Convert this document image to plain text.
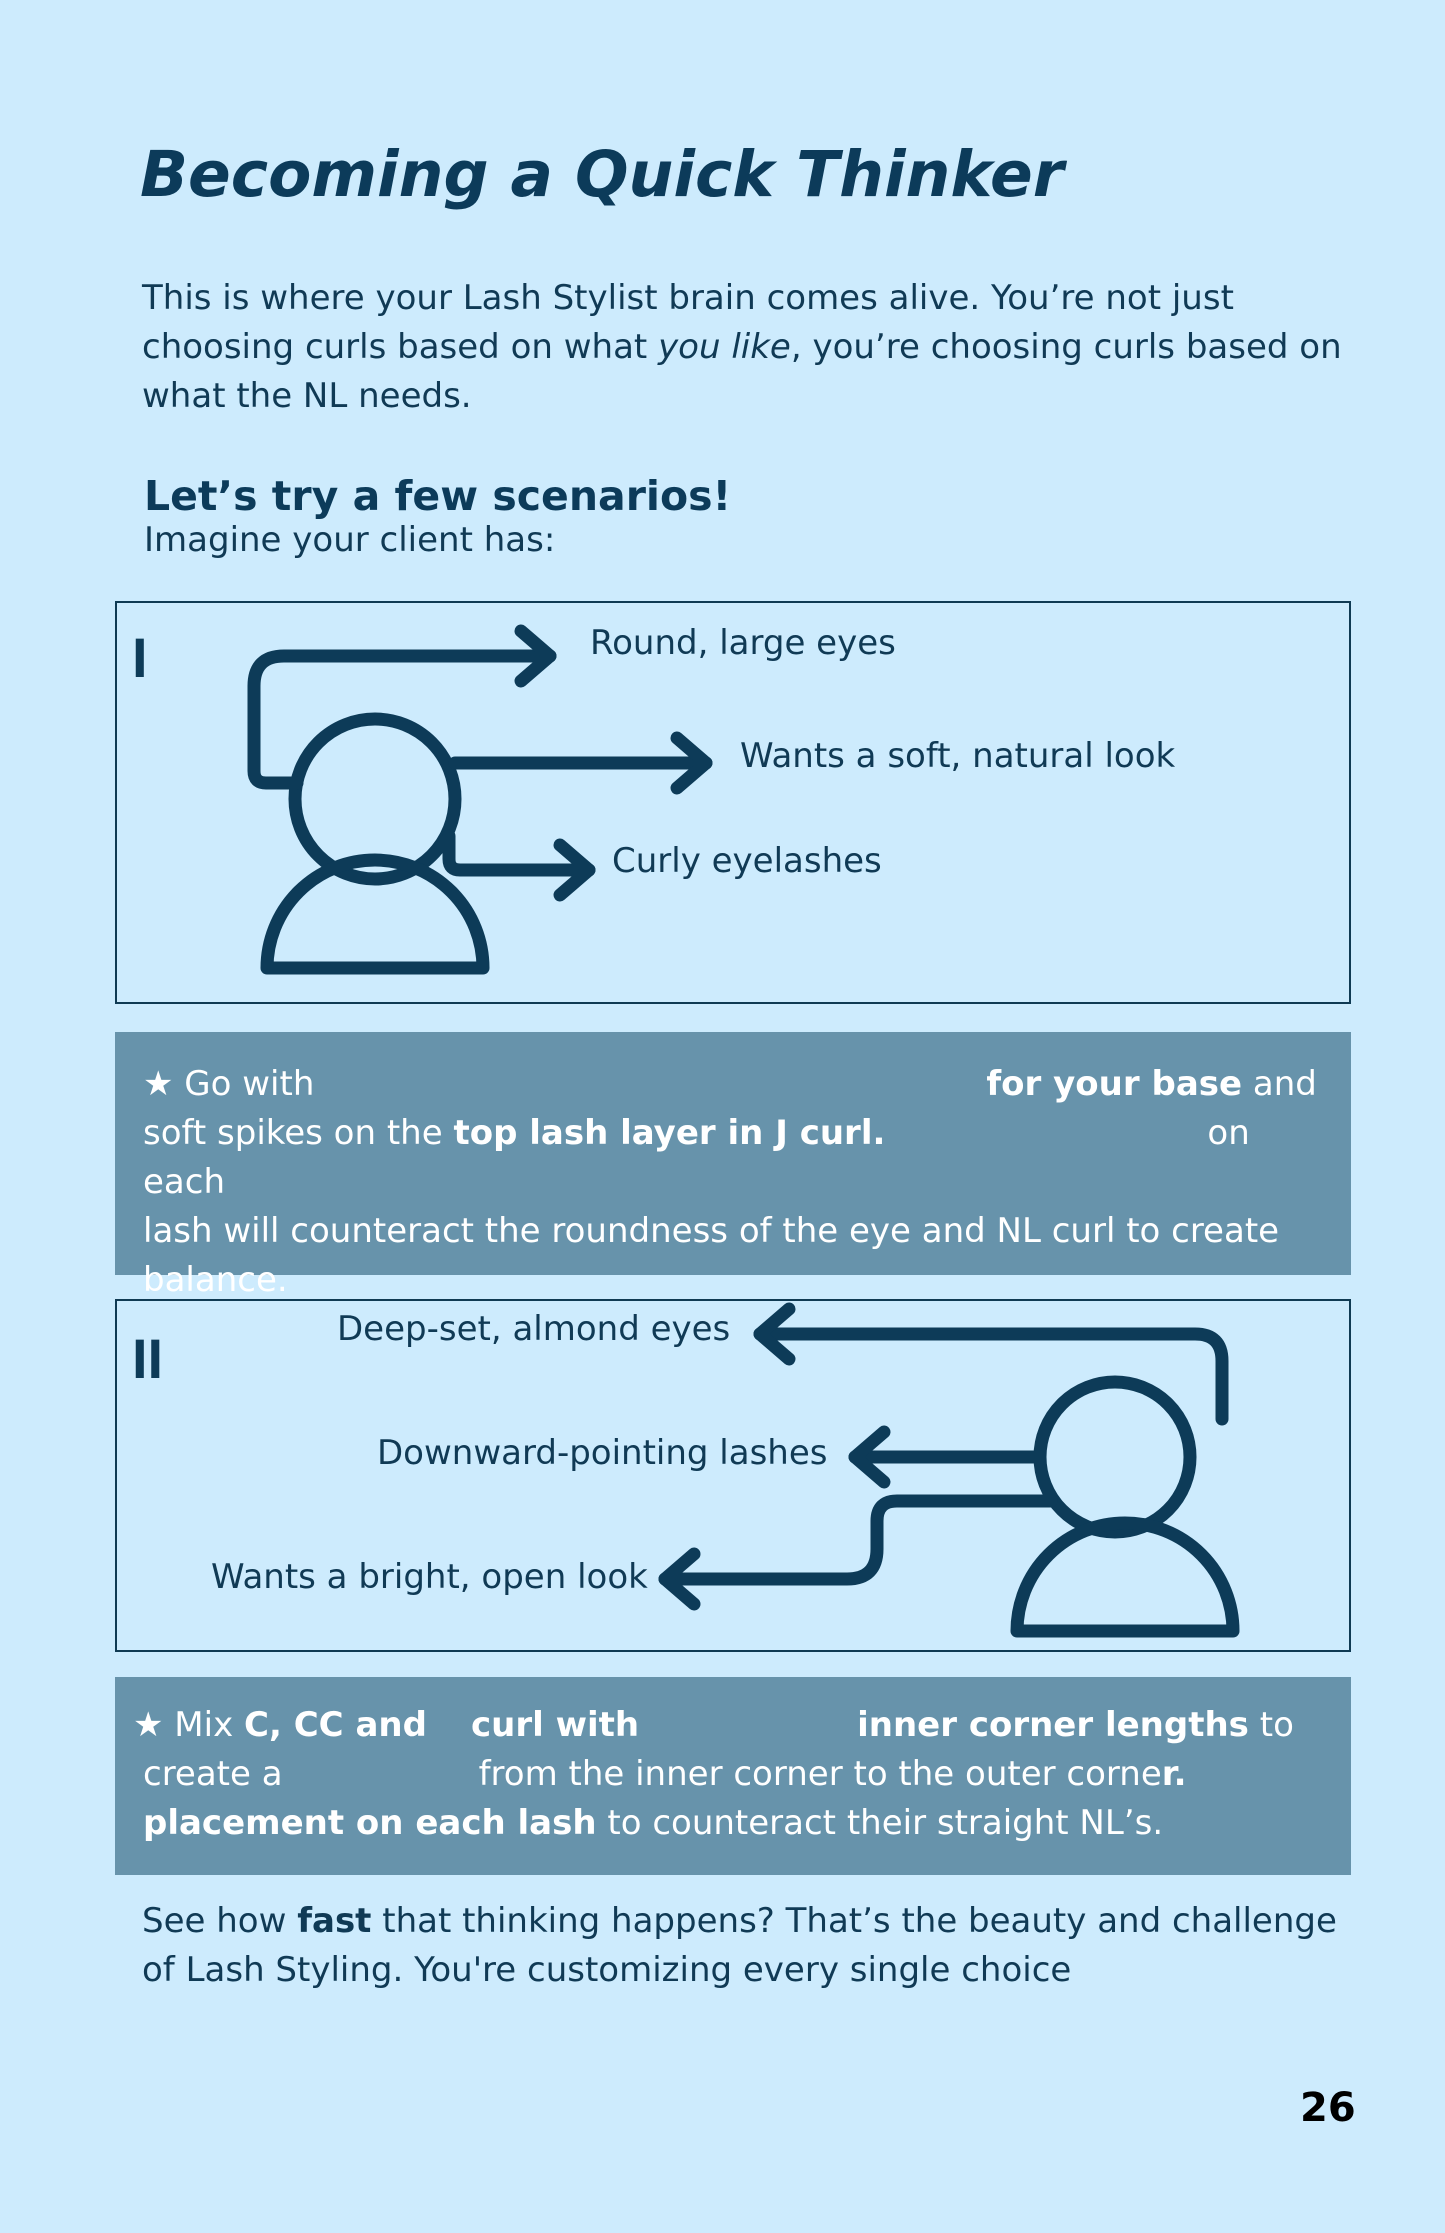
Becoming a Quick Thinker
This is where your Lash Stylist brain comes alive. You’re not just
choosing curls based on what you like, you’re choosing curls based on
what the NL needs.
Let’s try a few scenarios!
Imagine your client has:
I	Round, large eyes
Wants a soft, natural look
Curly eyelashes
★ Go with	for your base and
soft spikes on the top lash layer in J curl.	on each
lash will counteract the roundness of the eye and NL curl to create
balance.
II	Deep-set, almond eyes
Downward-pointing lashes
Wants a bright, open look
★ Mix C, CC and curl with	inner corner lengths to
create a	from the inner corner to the outer corner.
placement on each lash to counteract their straight NL’s.
See how fast that thinking happens? That’s the beauty and challenge
of Lash Styling. You're customizing every single choice
26
